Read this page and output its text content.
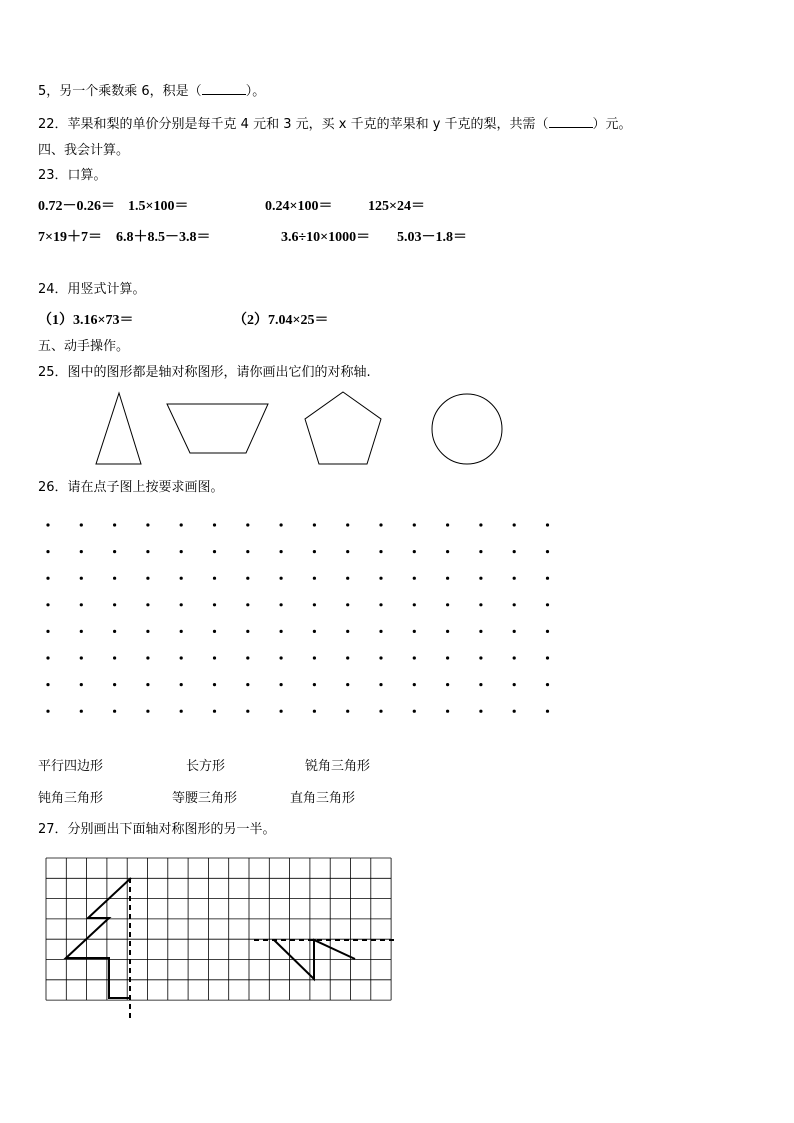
5，另一个乘数乘 6，积是（	）。
22．苹果和梨的单价分别是每千克 4 元和 3 元，买 x 千克的苹果和 y 千克的梨，共需（	）元。
四、我会计算。
23．口算。
0.72－0.26＝ 1.5×100＝	0.24×100＝	125×24＝
7×19＋7＝ 6.8＋8.5－3.8＝	3.6÷10×1000＝ 5.03－1.8＝
24．用竖式计算。
（1）3.16×73＝	（2）7.04×25＝
五、动手操作。
25．图中的图形都是轴对称图形，请你画出它们的对称轴.
26．请在点子图上按要求画图。
平行四边形	长方形	锐角三角形
钝角三角形	等腰三角形	直角三角形
27．分别画出下面轴对称图形的另一半。
